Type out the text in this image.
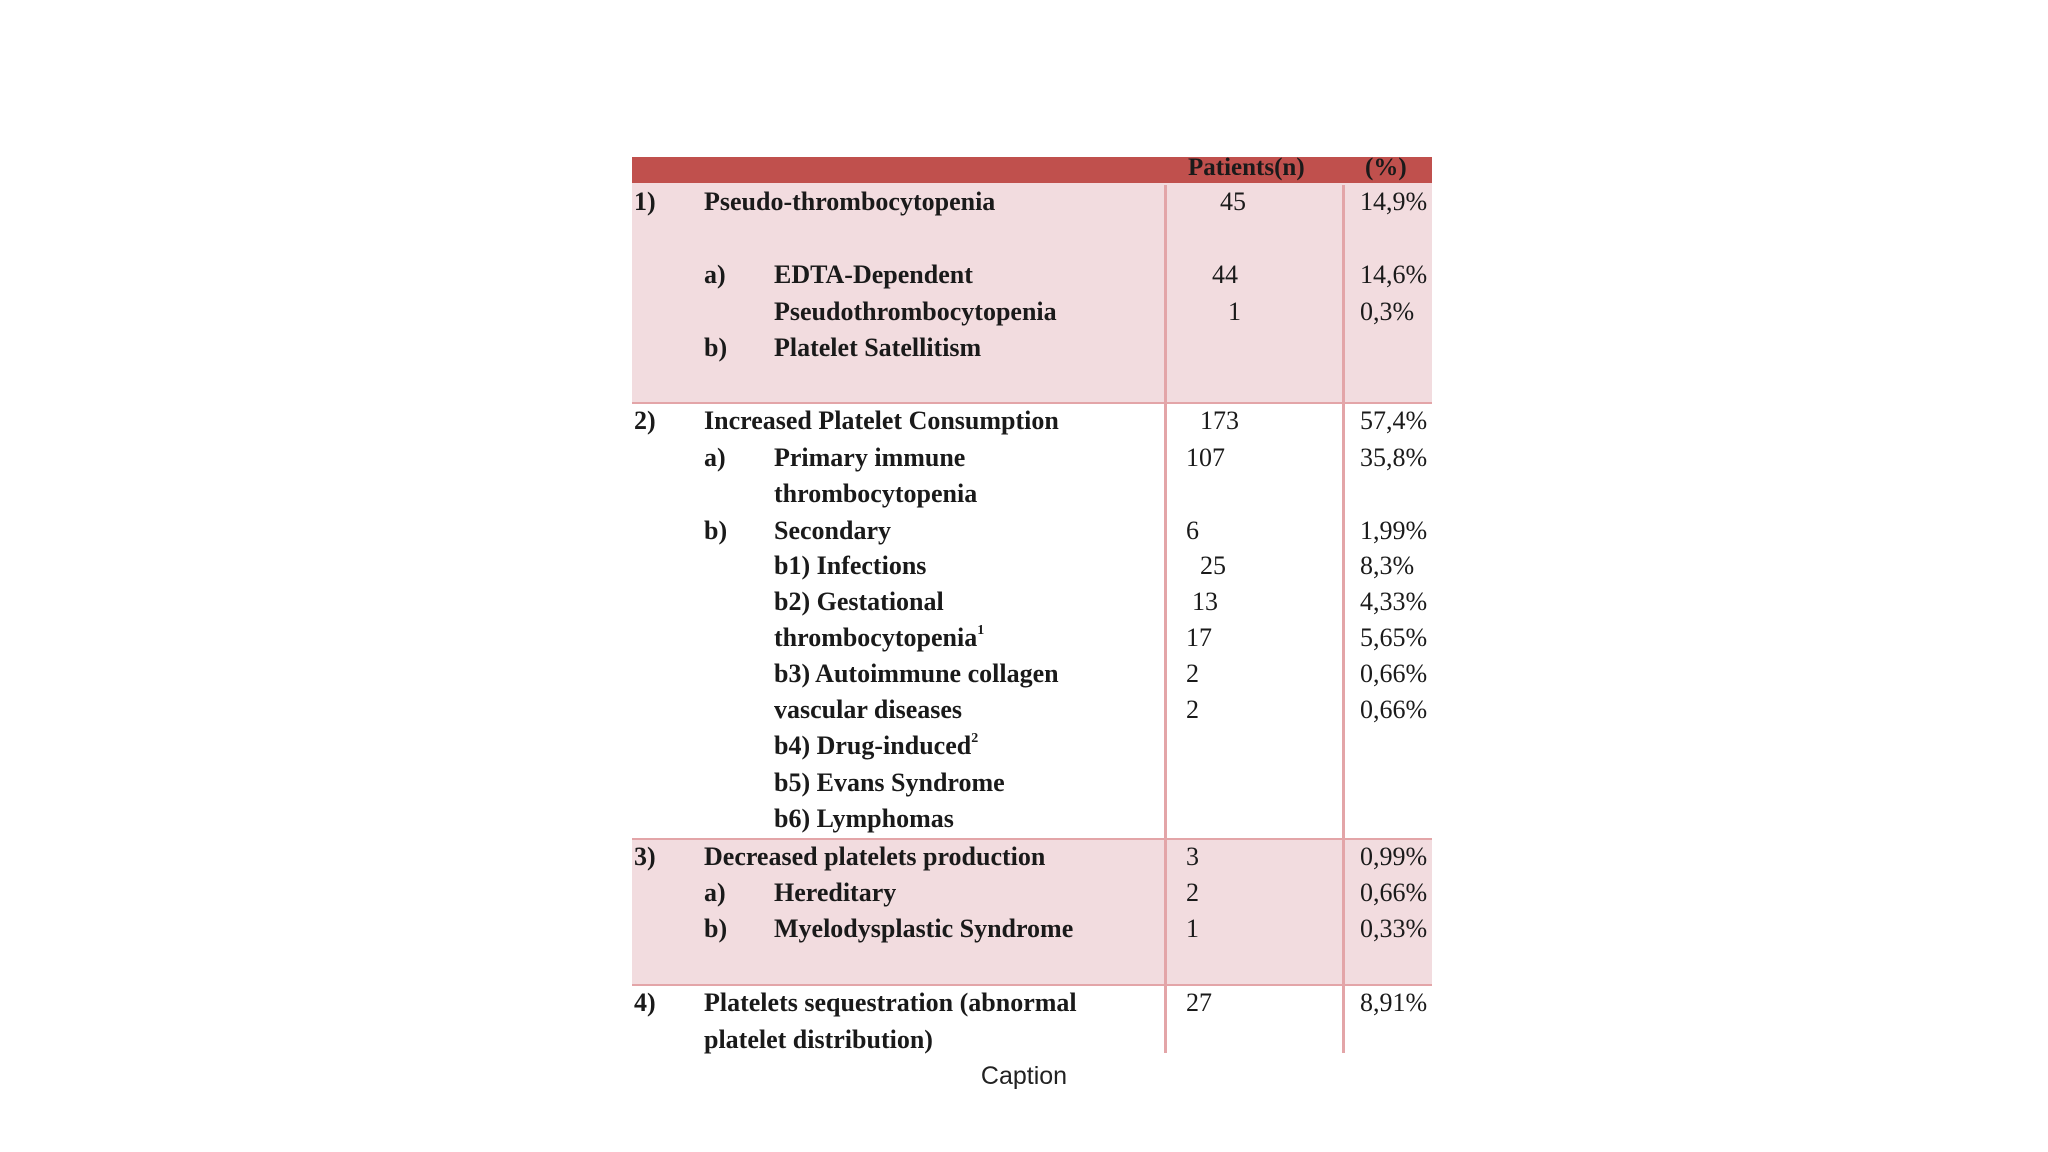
Patients(n) (%)
1) Pseudo-thrombocytopenia	45	14,9%
a) EDTA-Dependent	44	14,6%
Pseudothrombocytopenia	1	0,3%
b) Platelet Satellitism
2) Increased Platelet Consumption	173	57,4%
a) Primary immune	107	35,8%
thrombocytopenia
b) Secondary	6	1,99%
b1) Infections	25	8,3%
b2) Gestational	13	4,33%
thrombocytopenia$^1$	17	5,65%
b3) Autoimmune collagen	2	0,66%
vascular diseases	2	0,66%
b4) Drug-induced$^2$
b5) Evans Syndrome
b6) Lymphomas
3) Decreased platelets production	3	0,99%
a) Hereditary	2	0,66%
b) Myelodysplastic Syndrome	1	0,33%
4) Platelets sequestration (abnormal	27	8,91%
platelet distribution)
Caption
